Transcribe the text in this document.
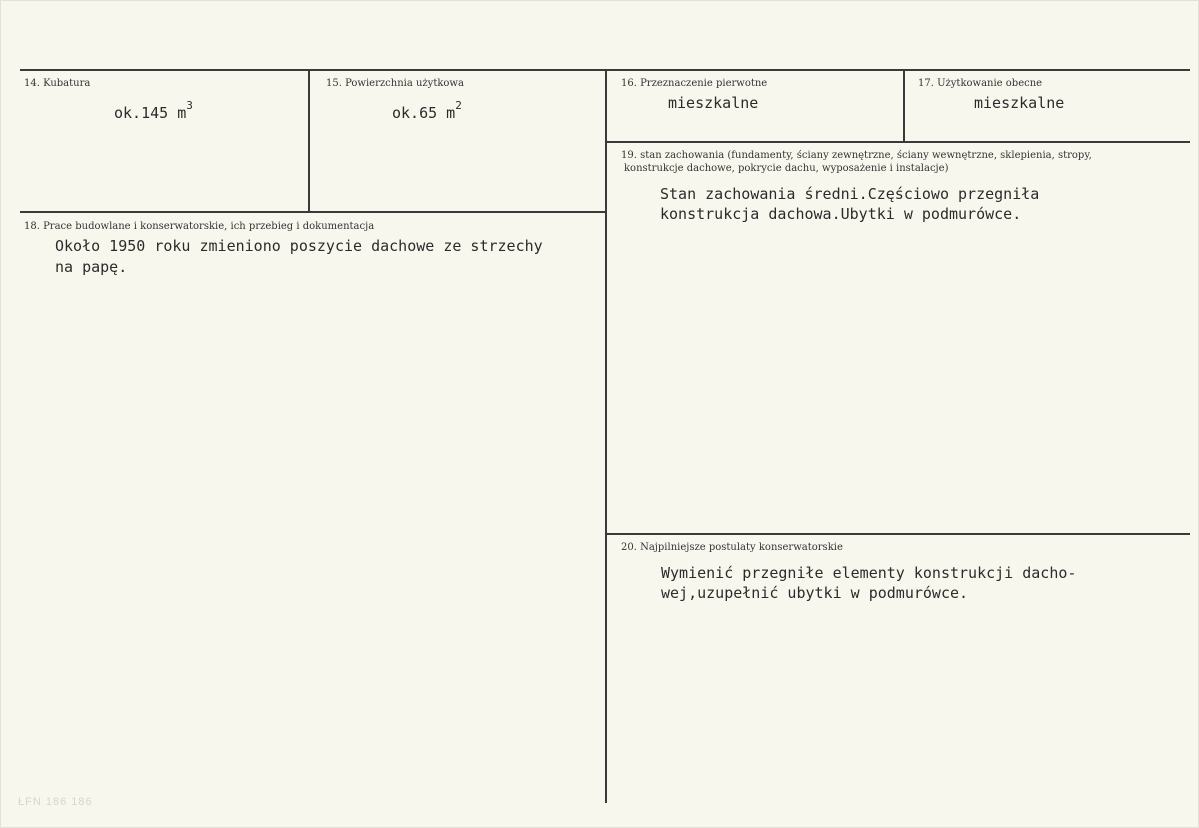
14. Kubatura
ok.145 $m^3$
15. Powierzchnia użytkowa
ok.65 $m^2$
16. Przeznaczenie pierwotne
mieszkalne
17. Użytkowanie obecne
mieszkalne
18. Prace budowlane i konserwatorskie, ich przebieg i dokumentacja
Około 1950 roku zmieniono poszycie dachowe ze strzechy
na papę.
19. stan zachowania (fundamenty, ściany zewnętrzne, ściany wewnętrzne, sklepienia, stropy,
konstrukcje dachowe, pokrycie dachu, wyposażenie i instalacje)
Stan zachowania średni.Częściowo przegniła
konstrukcja dachowa.Ubytki w podmurówce.
20. Najpilniejsze postulaty konserwatorskie
Wymienić przegniłe elementy konstrukcji dacho-
wej,uzupełnić ubytki w podmurówce.
ŁFN 186 186
